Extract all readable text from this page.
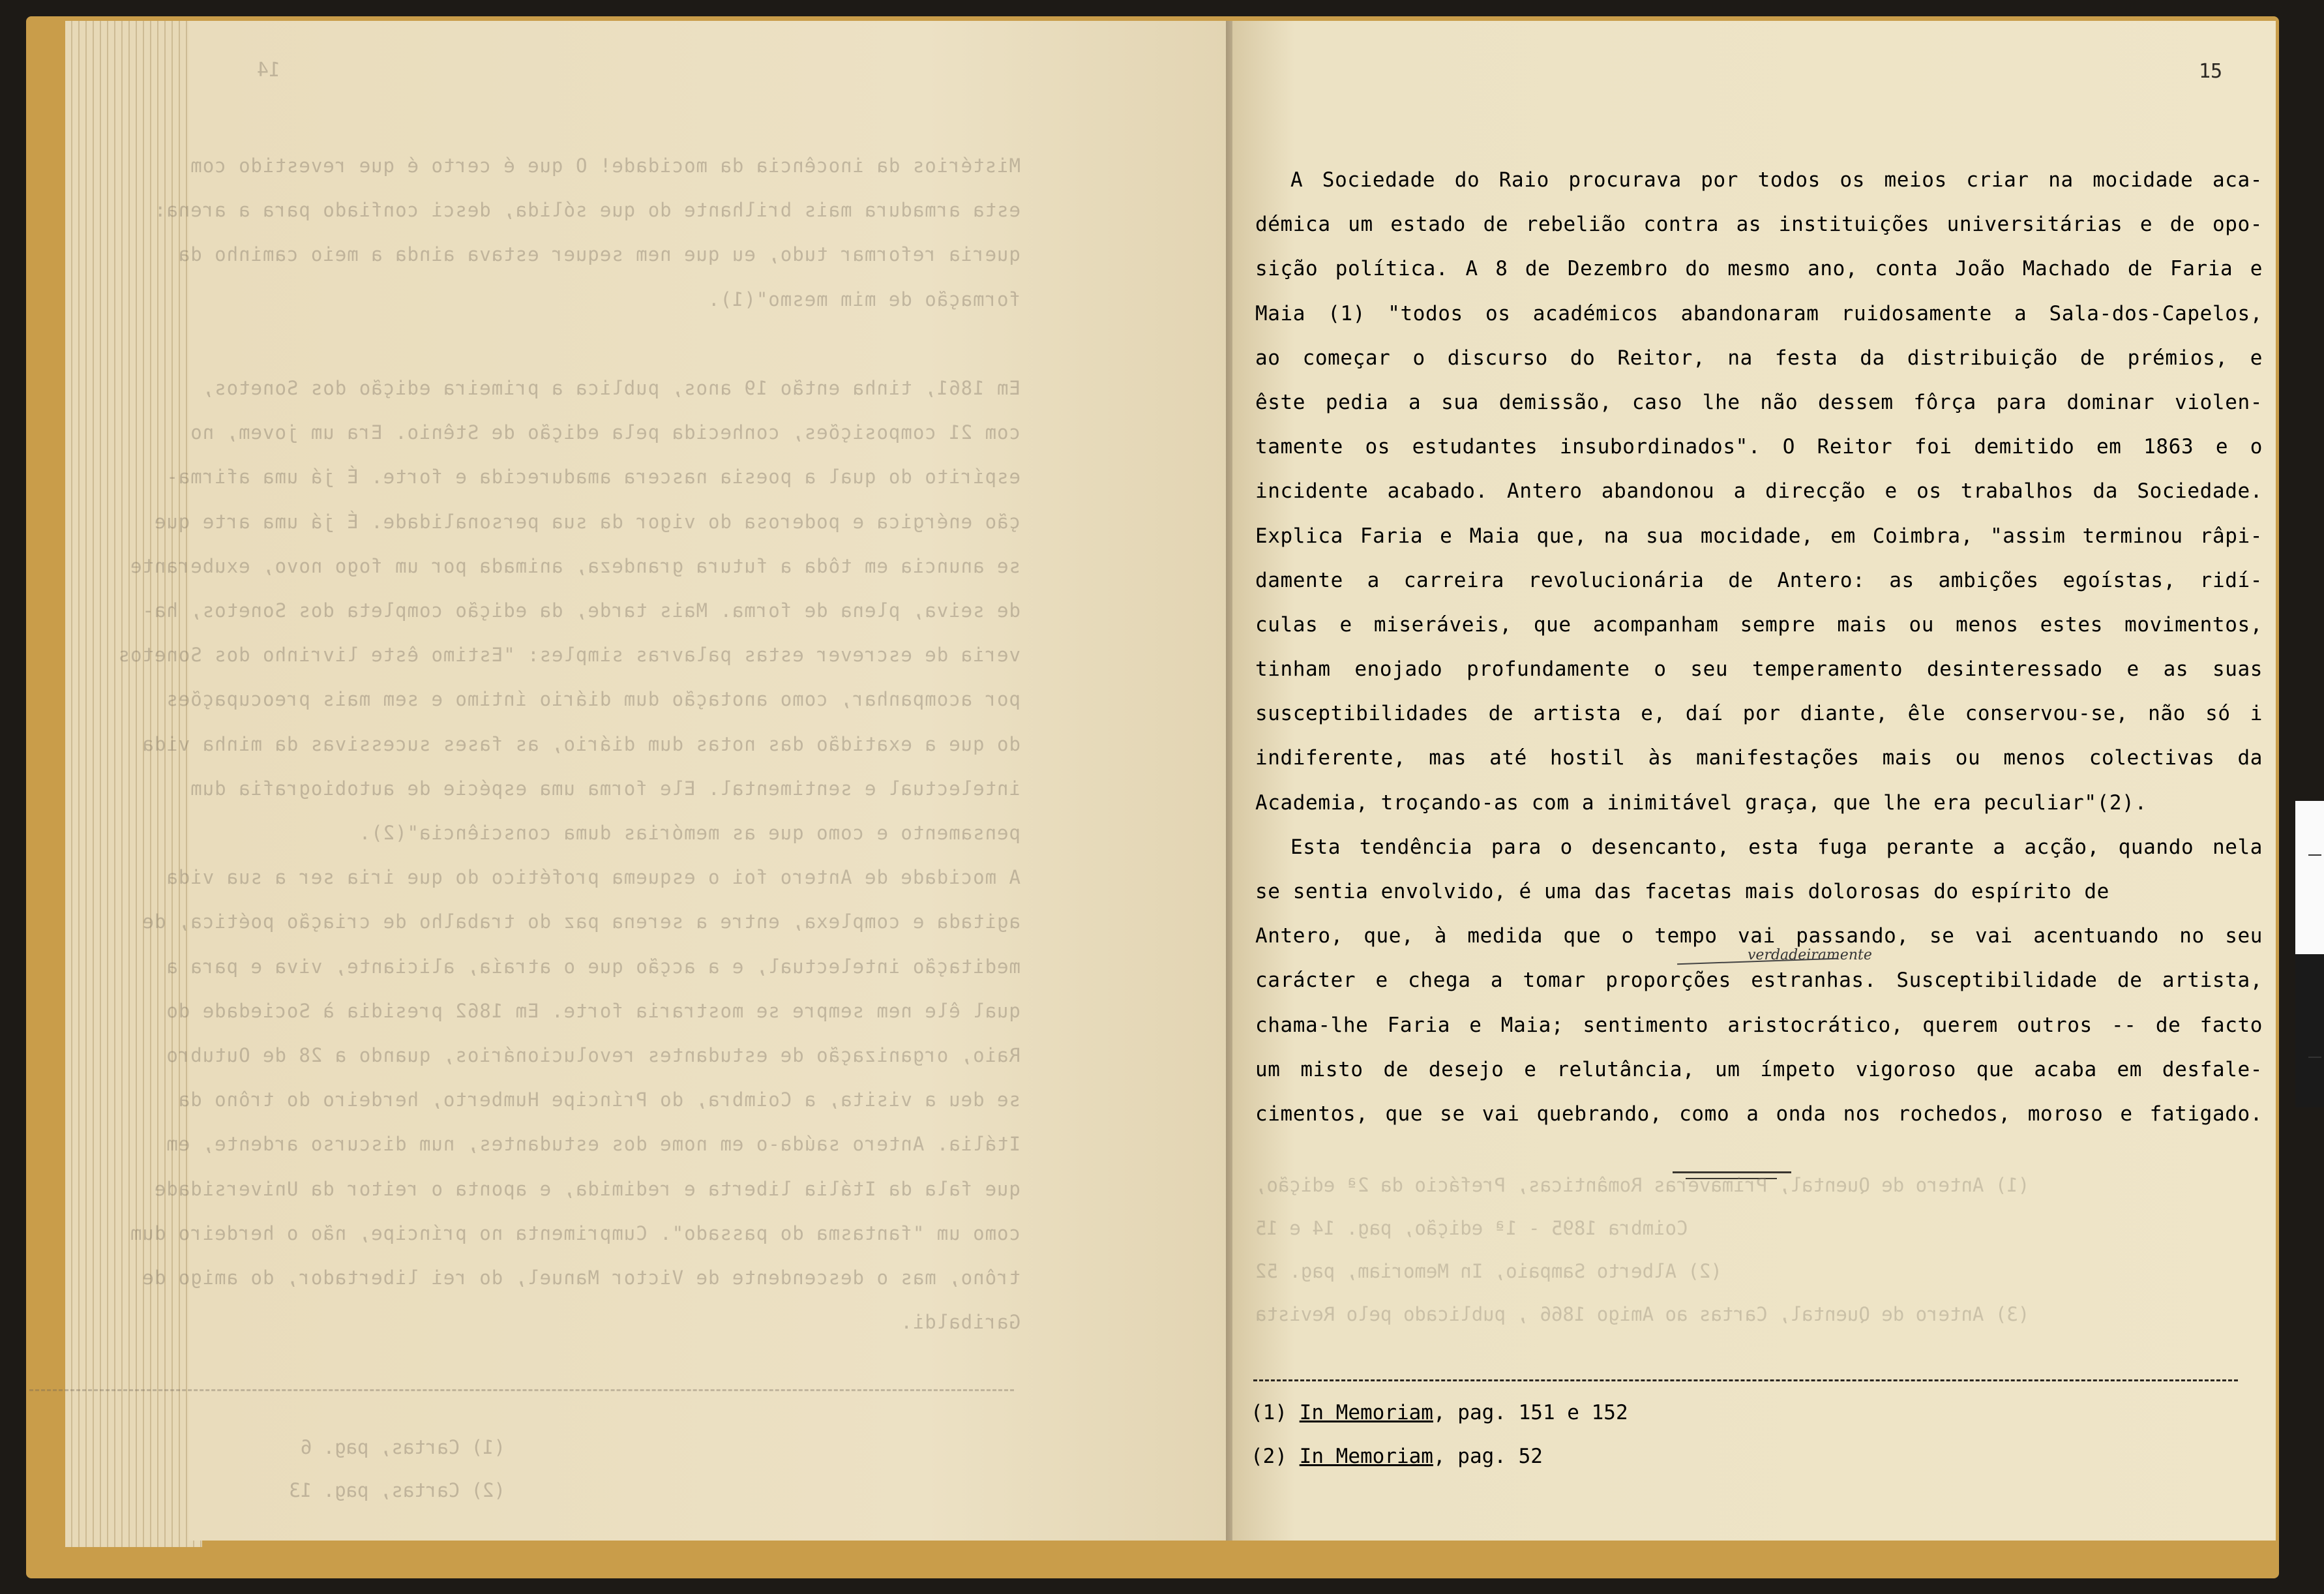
14
Mistérios da inocência da mocidade! O que é certo é que revestido com
esta armadura mais brilhante do que sólida, desci confiado para a arena:
queria reformar tudo, eu que nem sequer estava ainda a meio caminho da
formação de mim mesmo"(1).
Em 1861, tinha então 19 anos, publica a primeira edição dos Sonetos,
com 21 composições, conhecida pela edição de Stênio. Era um jovem, no
espírito do qual a poesia nascera amadurecida e forte. É já uma afirma-
ção enérgica e poderosa do vigor da sua personalidade. É já uma arte que
se anuncia em tôda a futura grandeza, animada por um fogo novo, exuberante
de seiva, plena de forma. Mais tarde, da edição completa dos Sonetos, ha-
veria de escrever estas palavras simples: "Estimo êste livrinho dos Sonetos
por acompanhar, como anotação dum diário íntimo e sem mais preocupações
do que a exatidão das notas dum diário, as fases sucessivas da minha vida
intelectual e sentimental. Ele forma uma espécie de autobiografia dum
pensamento e como que as memórias duma consciência"(2).
A mocidade de Antero foi o esquema profético do que iria ser a sua vida
agitada e complexa, entre a serena paz do trabalho de criação poética, de
meditação intelectual, e a acção que o atraía, aliciante, viva e para a
qual êle nem sempre se mostraria forte. Em 1862 presidia à Sociedade do
Raio, organização de estudantes revolucionários, quando a 28 de Outubro
se deu a visita, a Coimbra, do Príncipe Humberto, herdeiro do trôno da
Itália. Antero saúda-o em nome dos estudantes, num discurso ardente, em
que fala da Itália liberta e redimida, e aponta o reitor da Universidade
como um "fantasma do passado". Cumprimenta no príncipe, não o herdeiro dum
trôno, mas o descendente de Victor Manuel, do rei libertador, do amigo de
Garibaldi.
(1) Cartas, pag. 6
(2) Cartas, pag. 13
15
A Sociedade do Raio procurava por todos os meios criar na mocidade aca-
démica um estado de rebelião contra as instituições universitárias e de opo-
sição política. A 8 de Dezembro do mesmo ano, conta João Machado de Faria e
Maia (1) "todos os académicos abandonaram ruidosamente a Sala-dos-Capelos,
ao começar o discurso do Reitor, na festa da distribuição de prémios, e
êste pedia a sua demissão, caso lhe não dessem fôrça para dominar violen-
tamente os estudantes insubordinados". O Reitor foi demitido em 1863 e o
incidente acabado. Antero abandonou a direcção e os trabalhos da Sociedade.
Explica Faria e Maia que, na sua mocidade, em Coimbra, "assim terminou râpi-
damente a carreira revolucionária de Antero: as ambições egoístas, ridí-
culas e miseráveis, que acompanham sempre mais ou menos estes movimentos,
tinham enojado profundamente o seu temperamento desinteressado e as suas
susceptibilidades de artista e, daí por diante, êle conservou-se, não só i
indiferente, mas até hostil às manifestações mais ou menos colectivas da
Academia, troçando-as com a inimitável graça, que lhe era peculiar"(2).
Esta tendência para o desencanto, esta fuga perante a acção, quando nela
se sentia envolvido, é uma das facetas mais dolorosas do espírito de
Antero, que, à medida que o tempo vai passando, se vai acentuando no seu
carácter e chega a tomar proporções estranhas. Susceptibilidade de artista,
chama-lhe Faria e Maia; sentimento aristocrático, querem outros -- de facto
um misto de desejo e relutância, um ímpeto vigoroso que acaba em desfale-
cimentos, que se vai quebrando, como a onda nos rochedos, moroso e fatigado.
verdadeiramente
(1) Antero de Quental, Primaveras Românticas, Prefácio da 2ª edição,
Coimbra 1895 - 1ª edição, pag. 14 e 15
(2) Alberto Sampaio, In Memoriam, pag. 52
(3) Antero de Quental, Cartas ao Amigo 1866 , publicado pelo Revista
(1) In Memoriam, pag. 151 e 152
(2) In Memoriam, pag. 52
